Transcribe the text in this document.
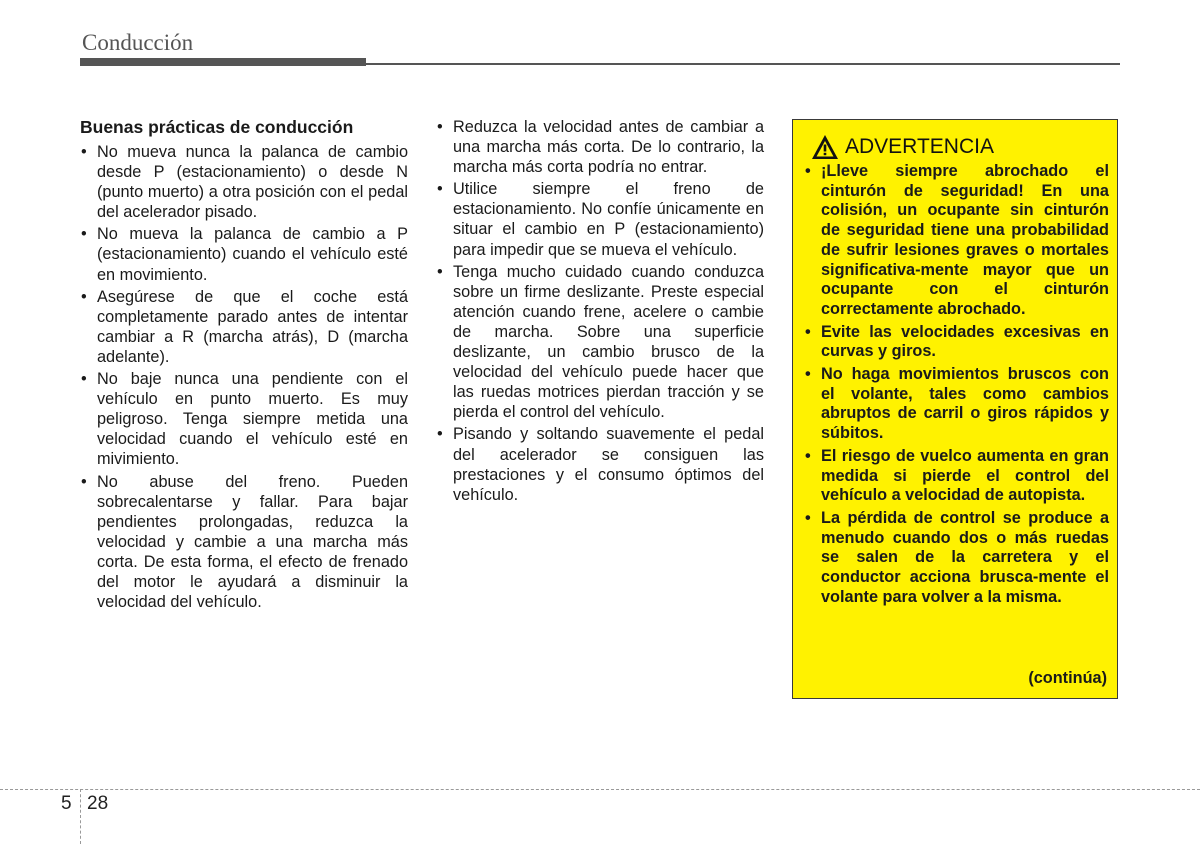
Conducción
Buenas prácticas de conducción
• No mueva nunca la palanca de cambio desde P (estacionamiento) o desde N (punto muerto) a otra posición con el pedal del acelerador pisado.
• No mueva la palanca de cambio a P (estacionamiento) cuando el vehículo esté en movimiento.
• Asegúrese de que el coche está completamente parado antes de intentar cambiar a R (marcha atrás), D (marcha adelante).
• No baje nunca una pendiente con el vehículo en punto muerto. Es muy peligroso. Tenga siempre metida una velocidad cuando el vehículo esté en mivimiento.
• No abuse del freno. Pueden sobrecalentarse y fallar. Para bajar pendientes prolongadas, reduzca la velocidad y cambie a una marcha más corta. De esta forma, el efecto de frenado del motor le ayudará a disminuir la velocidad del vehículo.
• Reduzca la velocidad antes de cambiar a una marcha más corta. De lo contrario, la marcha más corta podría no entrar.
• Utilice siempre el freno de estacionamiento. No confíe únicamente en situar el cambio en P (estacionamiento) para impedir que se mueva el vehículo.
• Tenga mucho cuidado cuando conduzca sobre un firme deslizante. Preste especial atención cuando frene, acelere o cambie de marcha. Sobre una superficie deslizante, un cambio brusco de la velocidad del vehículo puede hacer que las ruedas motrices pierdan tracción y se pierda el control del vehículo.
• Pisando y soltando suavemente el pedal del acelerador se consiguen las prestaciones y el consumo óptimos del vehículo.
ADVERTENCIA
• ¡Lleve siempre abrochado el cinturón de seguridad! En una colisión, un ocupante sin cinturón de seguridad tiene una probabilidad de sufrir lesiones graves o mortales significativa-mente mayor que un ocupante con el cinturón correctamente abrochado.
• Evite las velocidades excesivas en curvas y giros.
• No haga movimientos bruscos con el volante, tales como cambios abruptos de carril o giros rápidos y súbitos.
• El riesgo de vuelco aumenta en gran medida si pierde el control del vehículo a velocidad de autopista.
• La pérdida de control se produce a menudo cuando dos o más ruedas se salen de la carretera y el conductor acciona brusca-mente el volante para volver a la misma.
(continúa)
5 28
